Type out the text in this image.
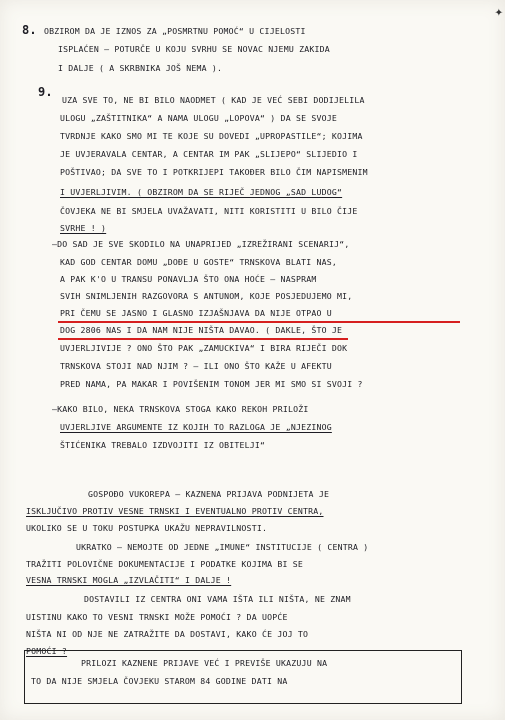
✦
8. OBZIROM DA JE IZNOS ZA „POSMRTNU POMOĆ“ U CIJELOSTI
ISPLAĆEN – POTURČE U KOJU SVRHU SE NOVAC NJEMU ZAKIDA
I DALJE ( A SKRBNIKA JOŠ NEMA ).
9.
UZA SVE TO, NE BI BILO NAODMET ( KAD JE VEĆ SEBI DODIJELILA
ULOGU „ZAŠTITNIKA“ A NAMA ULOGU „LOPOVA“ ) DA SE SVOJE
TVRDNJE KAKO SMO MI TE KOJE SU DOVEDI „UPROPASTILE“; KOJIMA
JE UVJERAVALA CENTAR, A CENTAR IM PAK „SLIJEPO“ SLIJEDIO I
POŠTIVAO; DA SVE TO I POTKRIJEPI TAKOĐER BILO ČIM NAPISMENIM
I UVJERLJIVIM. ( OBZIROM DA SE RIJEČ JEDNOG „SAD LUDOG“
ČOVJEKA NE BI SMJELA UVAŽAVATI, NITI KORISTITI U BILO ČIJE
SVRHE ! )
–DO SAD JE SVE SKODILO NA UNAPRIJED „IZREŽIRANI SCENARIJ“,
KAD GOD CENTAR DOMU „DOĐE U GOSTE“ TRNSKOVA BLATI NAS,
A PAK K'O U TRANSU PONAVLJA ŠTO ONA HOĆE – NASPRAM
SVIH SNIMLJENIH RAZGOVORA S ANTUNOM, KOJE POSJEDUJEMO MI,
PRI ČEMU SE JASNO I GLASNO IZJAŠNJAVA DA NIJE OTPAO U
DOG 2806 NAS I DA NAM NIJE NIŠTA DAVAO. ( DAKLE, ŠTO JE
UVJERLJIVIJE ? ONO ŠTO PAK „ZAMUCKIVA“ I BIRA RIJEČI DOK
TRNSKOVA STOJI NAD NJIM ? – ILI ONO ŠTO KAŽE U AFEKTU
PRED NAMA, PA MAKAR I POVIŠENIM TONOM JER MI SMO SI SVOJI ?
–KAKO BILO, NEKA TRNSKOVA STOGA KAKO REKOH PRILOŽI
UVJERLJIVE ARGUMENTE IZ KOJIH TO RAZLOGA JE „NJEZINOG
ŠTIĆENIKA TREBALO IZDVOJITI IZ OBITELJI“
GOSPOĐO VUKOREPA – KAZNENA PRIJAVA PODNIJETA JE
ISKLJUČIVO PROTIV VESNE TRNSKI I EVENTUALNO PROTIV CENTRA,
UKOLIKO SE U TOKU POSTUPKA UKAŽU NEPRAVILNOSTI.
UKRATKO – NEMOJTE OD JEDNE „IMUNE“ INSTITUCIJE ( CENTRA )
TRAŽITI POLOVIČNE DOKUMENTACIJE I PODATKE KOJIMA BI SE
VESNA TRNSKI MOGLA „IZVLAČITI“ I DALJE !
DOSTAVILI IZ CENTRA ONI VAMA IŠTA ILI NIŠTA, NE ZNAM
UISTINU KAKO TO VESNI TRNSKI MOŽE POMOĆI ? DA UOPĆE
NIŠTA NI OD NJE NE ZATRAŽITE DA DOSTAVI, KAKO ĆE JOJ TO
POMOĆI ?
PRILOZI KAZNENE PRIJAVE VEĆ I PREVIŠE UKAZUJU NA
TO DA NIJE SMJELA ČOVJEKU STAROM 84 GODINE DATI NA
